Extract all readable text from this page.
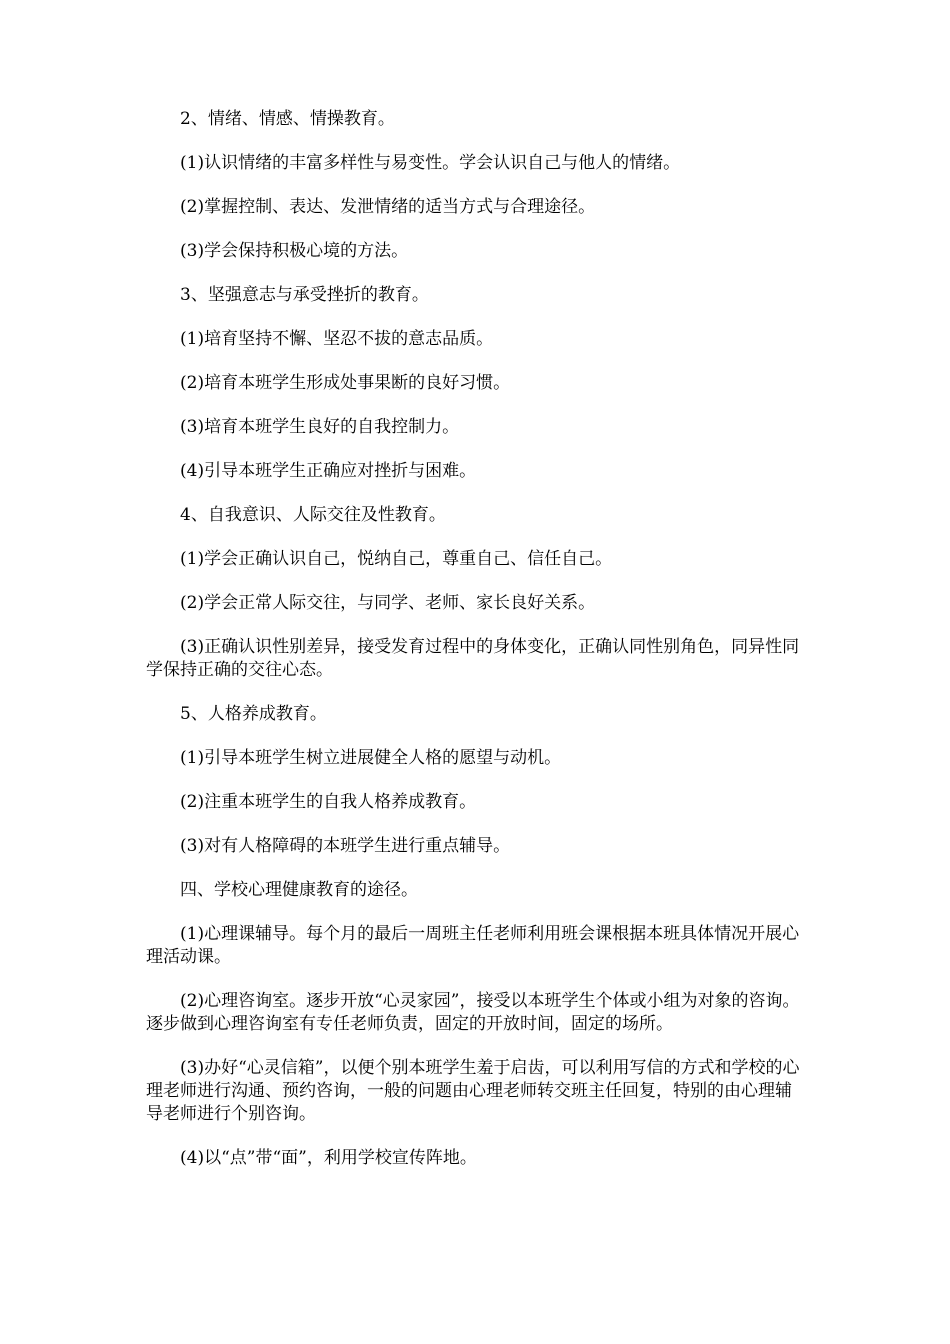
2、情绪、情感、情操教育。

(1)认识情绪的丰富多样性与易变性。学会认识自己与他人的情绪。

(2)掌握控制、表达、发泄情绪的适当方式与合理途径。

(3)学会保持积极心境的方法。

3、坚强意志与承受挫折的教育。

(1)培育坚持不懈、坚忍不拔的意志品质。

(2)培育本班学生形成处事果断的良好习惯。

(3)培育本班学生良好的自我控制力。

(4)引导本班学生正确应对挫折与困难。

4、自我意识、人际交往及性教育。

(1)学会正确认识自己，悦纳自己，尊重自己、信任自己。

(2)学会正常人际交往，与同学、老师、家长良好关系。

(3)正确认识性别差异，接受发育过程中的身体变化，正确认同性别角色，同异性同学保持正确的交往心态。

5、人格养成教育。

(1)引导本班学生树立进展健全人格的愿望与动机。

(2)注重本班学生的自我人格养成教育。

(3)对有人格障碍的本班学生进行重点辅导。

四、学校心理健康教育的途径。

(1)心理课辅导。每个月的最后一周班主任老师利用班会课根据本班具体情况开展心理活动课。

(2)心理咨询室。逐步开放“心灵家园”，接受以本班学生个体或小组为对象的咨询。逐步做到心理咨询室有专任老师负责，固定的开放时间，固定的场所。

(3)办好“心灵信箱”，以便个别本班学生羞于启齿，可以利用写信的方式和学校的心理老师进行沟通、预约咨询，一般的问题由心理老师转交班主任回复，特别的由心理辅导老师进行个别咨询。

(4)以“点”带“面”，利用学校宣传阵地。
